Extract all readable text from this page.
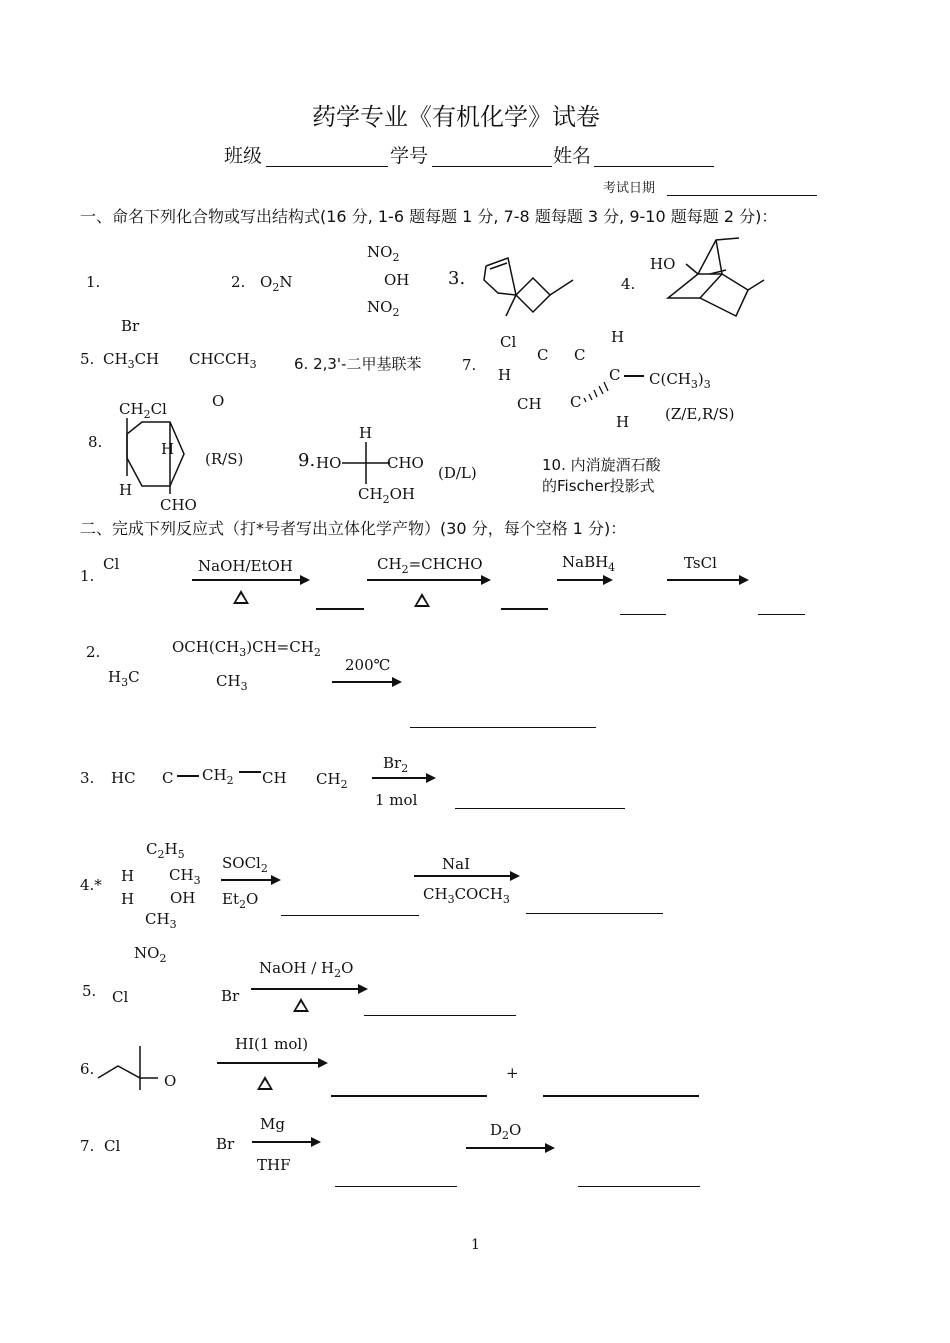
药学专业《有机化学》试卷
班级	学号	姓名
考试日期
一、命名下列化合物或写出结构式(16 分, 1-6 题每题 1 分, 7-8 题每题 3 分, 9-10 题每题 2 分)：
1.
Br
2. $O_2N$
$NO_2$
OH
$NO_2$
3.	4.
HO
5. $CH_3CH$ $CHCCH_3$
O
6. 2,3'-二甲基联苯	7.
Cl
C C
H
H	C $C(CH_3)_3$
CH C
H (Z/E,R/S)
8.
$CH_2Cl$
H
H
CHO
(R/S)	9.
H
HO	CHO
$CH_2OH$
(D/L)	10. 内消旋酒石酸
的Fischer投影式
二、完成下列反应式（打*号者写出立体化学产物）(30 分，每个空格 1 分)：
1.
Cl	NaOH/EtOH	$CH_2=CHCHO$	NaBH$_4$	TsCl
2.	$OCH(CH_3)CH=CH_2$
$H_3C$	$CH_3$
200℃
3. HC C $CH_2$ CH $CH_2$
$Br_2$
1 mol
4.*
$C_2H_5$
H $CH_3$
H OH
$CH_3$
SOCl$_2$
$Et_2O$
NaI
$CH_3COCH_3$
$NO_2$
5. Cl	Br
NaOH / $H_2O$
6.
O
HI(1 mol)
+
7. Cl	Br
Mg
THF
$D_2O$
1
